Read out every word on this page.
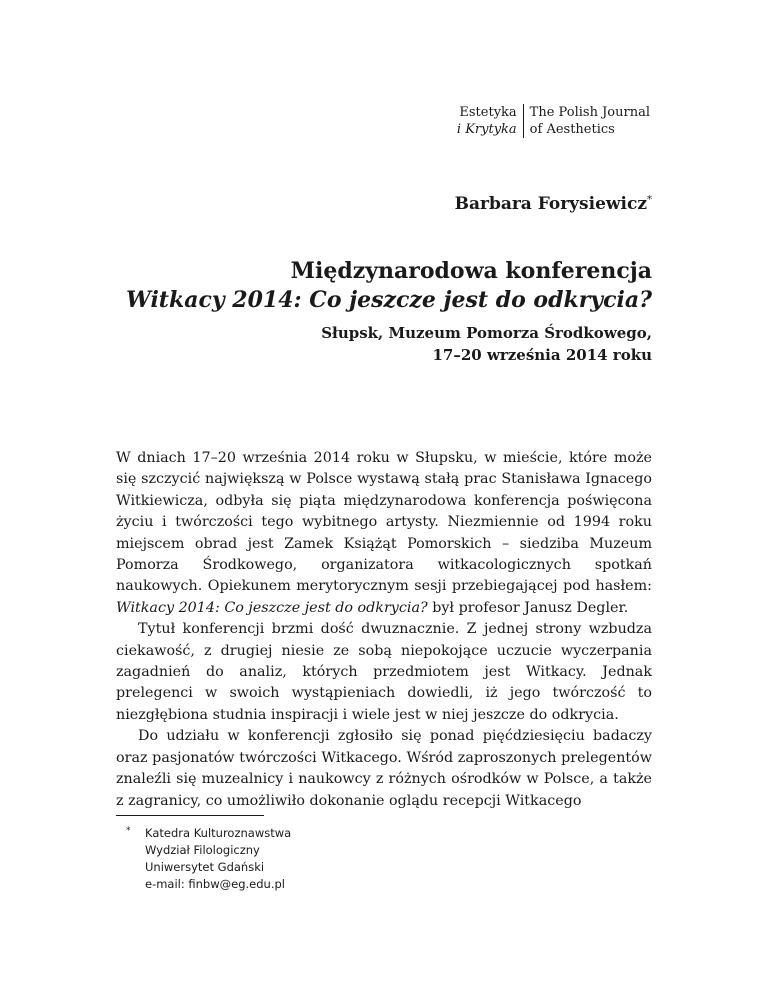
Estetyka
i Krytyka
The Polish Journal
of Aesthetics
Barbara Forysiewicz*
Międzynarodowa konferencja
Witkacy 2014: Co jeszcze jest do odkrycia?
Słupsk, Muzeum Pomorza Środkowego,
17–20 września 2014 roku

W dniach 17–20 września 2014 roku w Słupsku, w mieście, które może się szczycić największą w Polsce wystawą stałą prac Stanisława Ignacego Witkiewicza, odbyła się piąta międzynarodowa konferencja poświęcona życiu i twórczości tego wybitnego artysty. Niezmiennie od 1994 roku miejscem obrad jest Zamek Książąt Pomorskich – siedziba Muzeum Pomorza Środkowego, organizatora witkacologicznych spotkań naukowych. Opiekunem merytorycznym sesji przebiegającej pod hasłem: Witkacy 2014: Co jeszcze jest do odkrycia? był profesor Janusz Degler.

Tytuł konferencji brzmi dość dwuznacznie. Z jednej strony wzbudza ciekawość, z drugiej niesie ze sobą niepokojące uczucie wyczerpania zagadnień do analiz, których przedmiotem jest Witkacy. Jednak prelegenci w swoich wystąpieniach dowiedli, iż jego twórczość to niezgłębiona studnia inspiracji i wiele jest w niej jeszcze do odkrycia.

Do udziału w konferencji zgłosiło się ponad pięćdziesięciu badaczy oraz pasjonatów twórczości Witkacego. Wśród zaproszonych prelegentów znaleźli się muzealnicy i naukowcy z różnych ośrodków w Polsce, a także z zagranicy, co umożliwiło dokonanie oglądu recepcji Witkacego

*	Katedra Kulturoznawstwa
Wydział Filologiczny
Uniwersytet Gdański
e-mail: finbw@eg.edu.pl
